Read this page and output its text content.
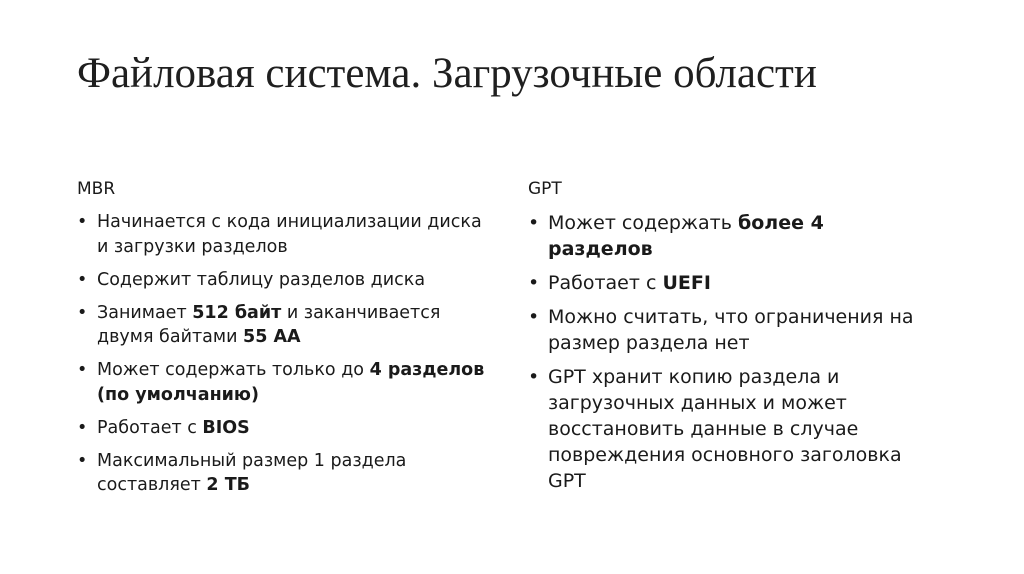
Файловая система. Загрузочные области
MBR
• Начинается с кода инициализации диска и загрузки разделов
• Содержит таблицу разделов диска
• Занимает 512 байт и заканчивается двумя байтами 55 AA
• Может содержать только до 4 разделов (по умолчанию)
• Работает с BIOS
• Максимальный размер 1 раздела составляет 2 ТБ
GPT
• Может содержать более 4 разделов
• Работает с UEFI
• Можно считать, что ограничения на размер раздела нет
• GPT хранит копию раздела и загрузочных данных и может восстановить данные в случае повреждения основного заголовка GPT
